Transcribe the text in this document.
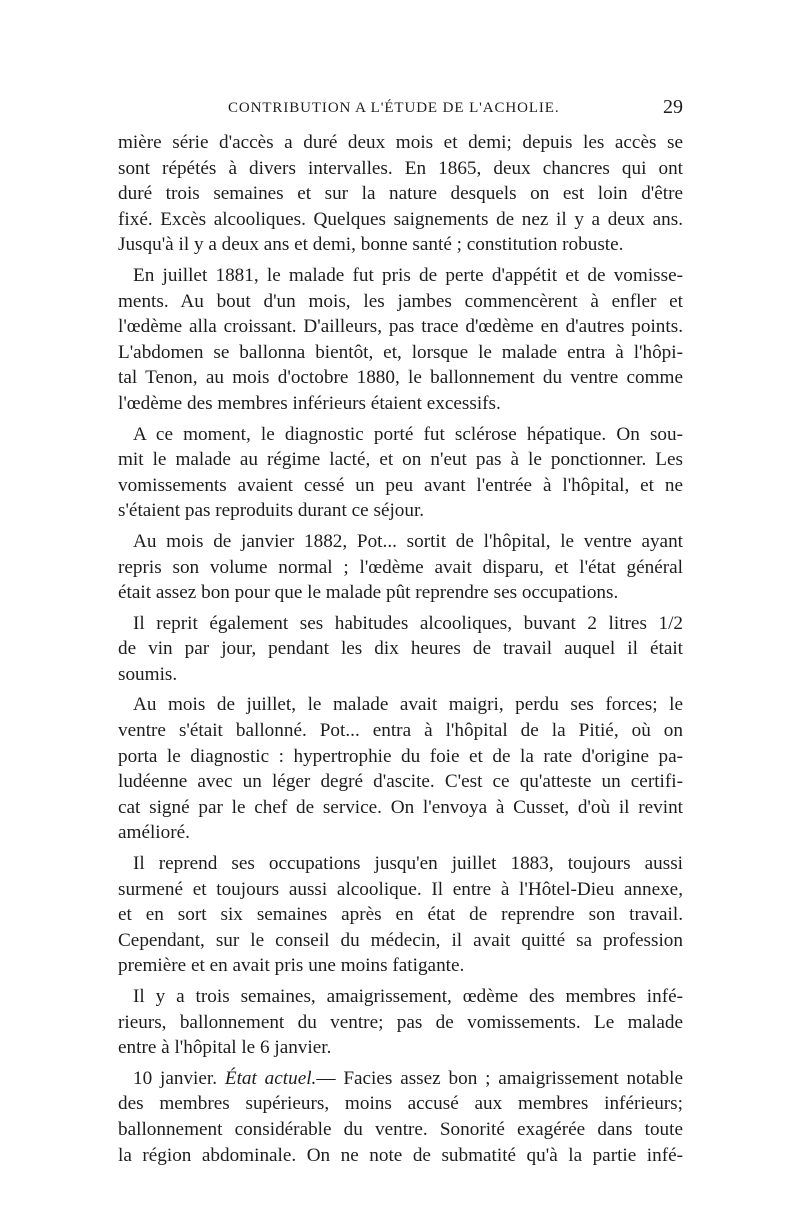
CONTRIBUTION A L'ÉTUDE DE L'ACHOLIE.	29
mière série d'accès a duré deux mois et demi; depuis les accès se
sont répétés à divers intervalles. En 1865, deux chancres qui ont
duré trois semaines et sur la nature desquels on est loin d'être
fixé. Excès alcooliques. Quelques saignements de nez il y a deux ans.
Jusqu'à il y a deux ans et demi, bonne santé ; constitution robuste.
En juillet 1881, le malade fut pris de perte d'appétit et de vomisse-
ments. Au bout d'un mois, les jambes commencèrent à enfler et
l'œdème alla croissant. D'ailleurs, pas trace d'œdème en d'autres points.
L'abdomen se ballonna bientôt, et, lorsque le malade entra à l'hôpi-
tal Tenon, au mois d'octobre 1880, le ballonnement du ventre comme
l'œdème des membres inférieurs étaient excessifs.
A ce moment, le diagnostic porté fut sclérose hépatique. On sou-
mit le malade au régime lacté, et on n'eut pas à le ponctionner. Les
vomissements avaient cessé un peu avant l'entrée à l'hôpital, et ne
s'étaient pas reproduits durant ce séjour.
Au mois de janvier 1882, Pot... sortit de l'hôpital, le ventre ayant
repris son volume normal ; l'œdème avait disparu, et l'état général
était assez bon pour que le malade pût reprendre ses occupations.
Il reprit également ses habitudes alcooliques, buvant 2 litres 1/2
de vin par jour, pendant les dix heures de travail auquel il était
soumis.
Au mois de juillet, le malade avait maigri, perdu ses forces; le
ventre s'était ballonné. Pot... entra à l'hôpital de la Pitié, où on
porta le diagnostic : hypertrophie du foie et de la rate d'origine pa-
ludéenne avec un léger degré d'ascite. C'est ce qu'atteste un certifi-
cat signé par le chef de service. On l'envoya à Cusset, d'où il revint
amélioré.
Il reprend ses occupations jusqu'en juillet 1883, toujours aussi
surmené et toujours aussi alcoolique. Il entre à l'Hôtel-Dieu annexe,
et en sort six semaines après en état de reprendre son travail.
Cependant, sur le conseil du médecin, il avait quitté sa profession
première et en avait pris une moins fatigante.
Il y a trois semaines, amaigrissement, œdème des membres infé-
rieurs, ballonnement du ventre; pas de vomissements. Le malade
entre à l'hôpital le 6 janvier.
10 janvier. État actuel.— Facies assez bon ; amaigrissement notable
des membres supérieurs, moins accusé aux membres inférieurs;
ballonnement considérable du ventre. Sonorité exagérée dans toute
la région abdominale. On ne note de submatité qu'à la partie infé-
